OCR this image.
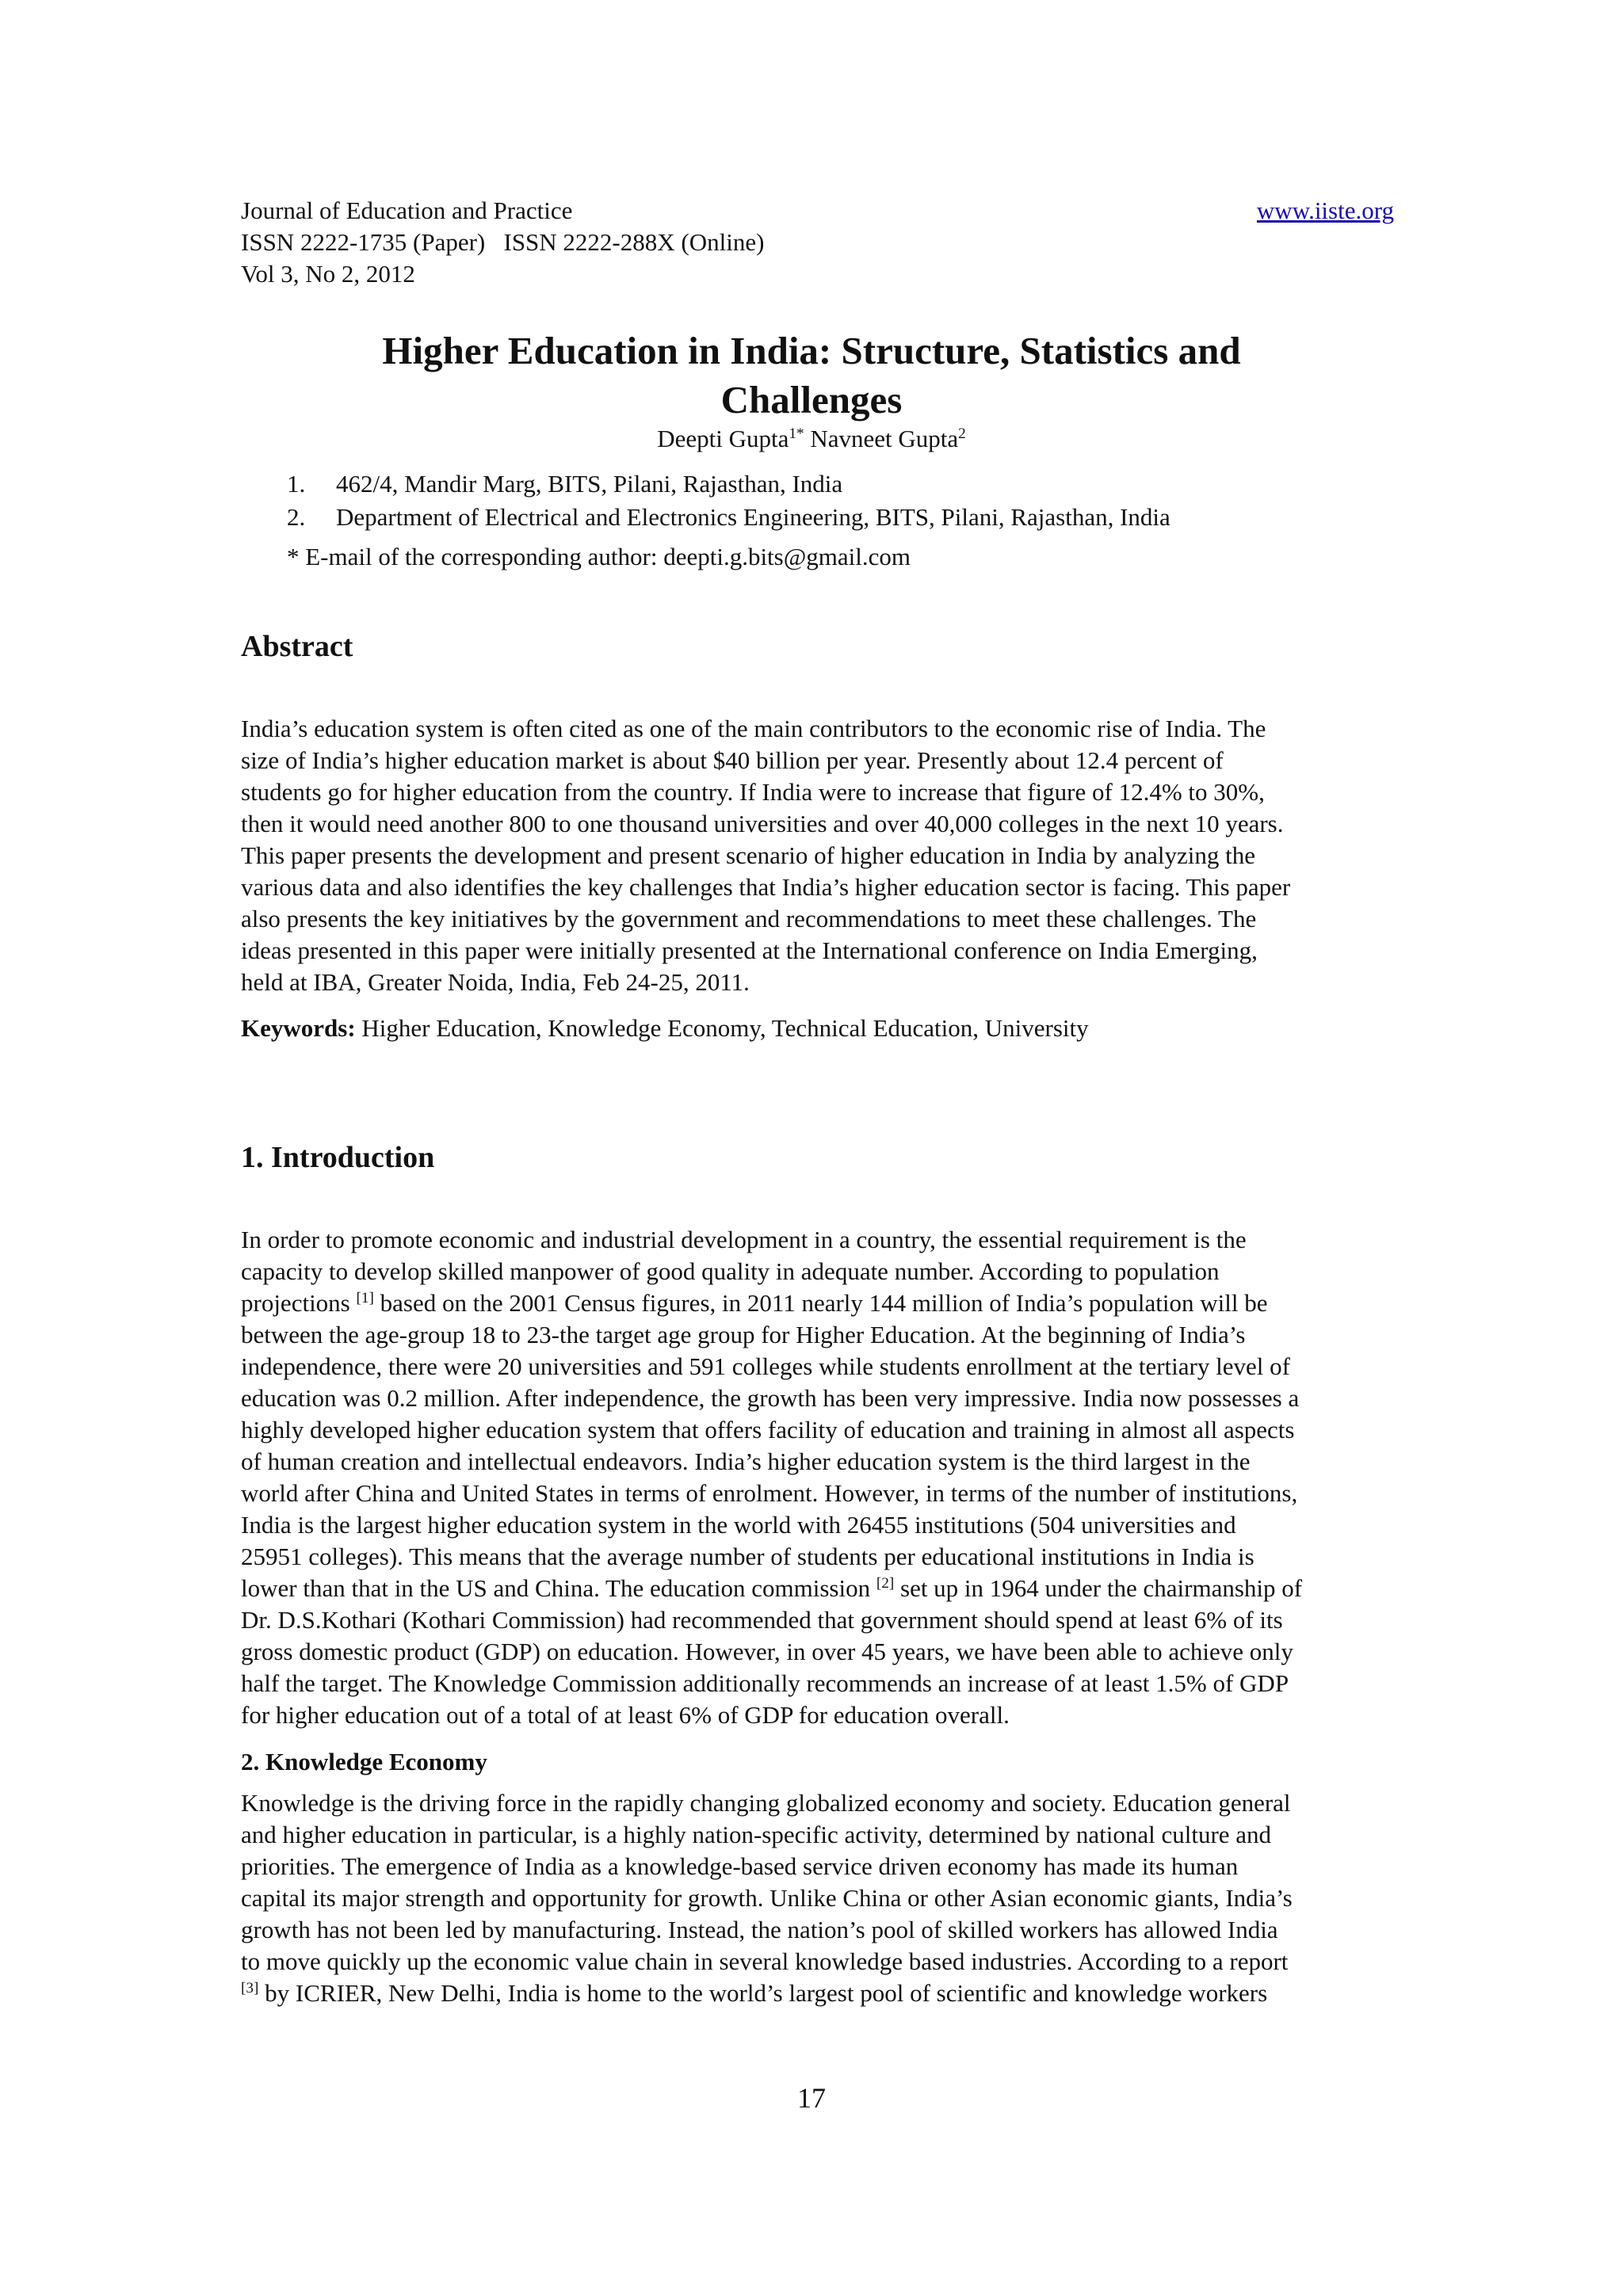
Journal of Education and Practice
ISSN 2222-1735 (Paper)   ISSN 2222-288X (Online)
Vol 3, No 2, 2012
www.iiste.org
Higher Education in India: Structure, Statistics and
Challenges
Deepti Gupta$^{1*}$ Navneet Gupta$^2$
1. 462/4, Mandir Marg, BITS, Pilani, Rajasthan, India
2. Department of Electrical and Electronics Engineering, BITS, Pilani, Rajasthan, India
* E-mail of the corresponding author: deepti.g.bits@gmail.com
Abstract
India’s education system is often cited as one of the main contributors to the economic rise of India. The
size of India’s higher education market is about $40 billion per year. Presently about 12.4 percent of
students go for higher education from the country. If India were to increase that figure of 12.4% to 30%,
then it would need another 800 to one thousand universities and over 40,000 colleges in the next 10 years.
This paper presents the development and present scenario of higher education in India by analyzing the
various data and also identifies the key challenges that India’s higher education sector is facing. This paper
also presents the key initiatives by the government and recommendations to meet these challenges. The
ideas presented in this paper were initially presented at the International conference on India Emerging,
held at IBA, Greater Noida, India, Feb 24-25, 2011.
Keywords: Higher Education, Knowledge Economy, Technical Education, University
1. Introduction
In order to promote economic and industrial development in a country, the essential requirement is the
capacity to develop skilled manpower of good quality in adequate number. According to population
projections [1] based on the 2001 Census figures, in 2011 nearly 144 million of India’s population will be
between the age-group 18 to 23-the target age group for Higher Education. At the beginning of India’s
independence, there were 20 universities and 591 colleges while students enrollment at the tertiary level of
education was 0.2 million. After independence, the growth has been very impressive. India now possesses a
highly developed higher education system that offers facility of education and training in almost all aspects
of human creation and intellectual endeavors. India’s higher education system is the third largest in the
world after China and United States in terms of enrolment. However, in terms of the number of institutions,
India is the largest higher education system in the world with 26455 institutions (504 universities and
25951 colleges). This means that the average number of students per educational institutions in India is
lower than that in the US and China. The education commission [2] set up in 1964 under the chairmanship of
Dr. D.S.Kothari (Kothari Commission) had recommended that government should spend at least 6% of its
gross domestic product (GDP) on education. However, in over 45 years, we have been able to achieve only
half the target. The Knowledge Commission additionally recommends an increase of at least 1.5% of GDP
for higher education out of a total of at least 6% of GDP for education overall.
2. Knowledge Economy
Knowledge is the driving force in the rapidly changing globalized economy and society. Education general
and higher education in particular, is a highly nation-specific activity, determined by national culture and
priorities. The emergence of India as a knowledge-based service driven economy has made its human
capital its major strength and opportunity for growth. Unlike China or other Asian economic giants, India’s
growth has not been led by manufacturing. Instead, the nation’s pool of skilled workers has allowed India
to move quickly up the economic value chain in several knowledge based industries. According to a report
[3] by ICRIER, New Delhi, India is home to the world’s largest pool of scientific and knowledge workers
17
